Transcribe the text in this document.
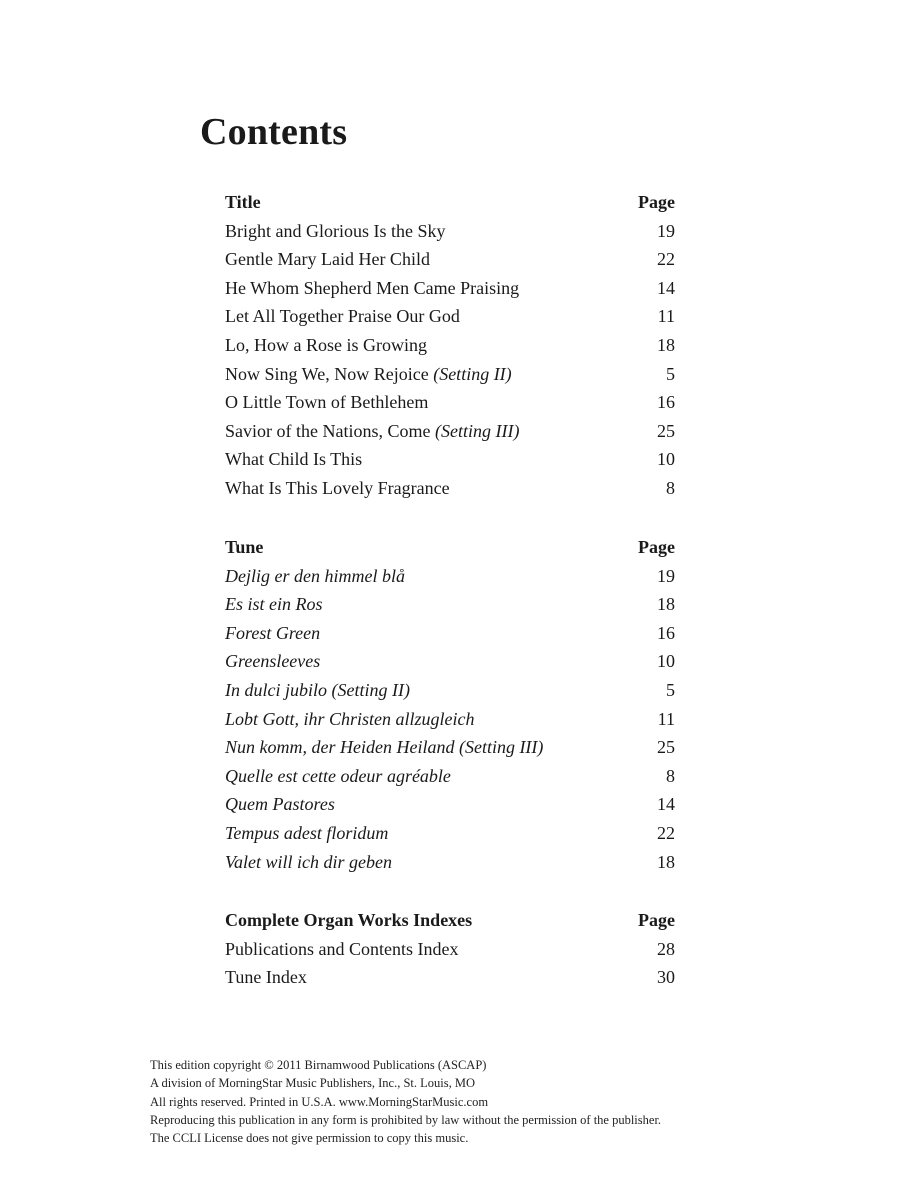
Contents
Title	Page
Bright and Glorious Is the Sky	19
Gentle Mary Laid Her Child	22
He Whom Shepherd Men Came Praising	14
Let All Together Praise Our God	11
Lo, How a Rose is Growing	18
Now Sing We, Now Rejoice (Setting II)	5
O Little Town of Bethlehem	16
Savior of the Nations, Come (Setting III)	25
What Child Is This	10
What Is This Lovely Fragrance	8
Tune	Page
Dejlig er den himmel blå	19
Es ist ein Ros	18
Forest Green	16
Greensleeves	10
In dulci jubilo (Setting II)	5
Lobt Gott, ihr Christen allzugleich	11
Nun komm, der Heiden Heiland (Setting III)	25
Quelle est cette odeur agréable	8
Quem Pastores	14
Tempus adest floridum	22
Valet will ich dir geben	18
Complete Organ Works Indexes	Page
Publications and Contents Index	28
Tune Index	30
This edition copyright © 2011 Birnamwood Publications (ASCAP)
A division of MorningStar Music Publishers, Inc., St. Louis, MO
All rights reserved. Printed in U.S.A. www.MorningStarMusic.com
Reproducing this publication in any form is prohibited by law without the permission of the publisher.
The CCLI License does not give permission to copy this music.
